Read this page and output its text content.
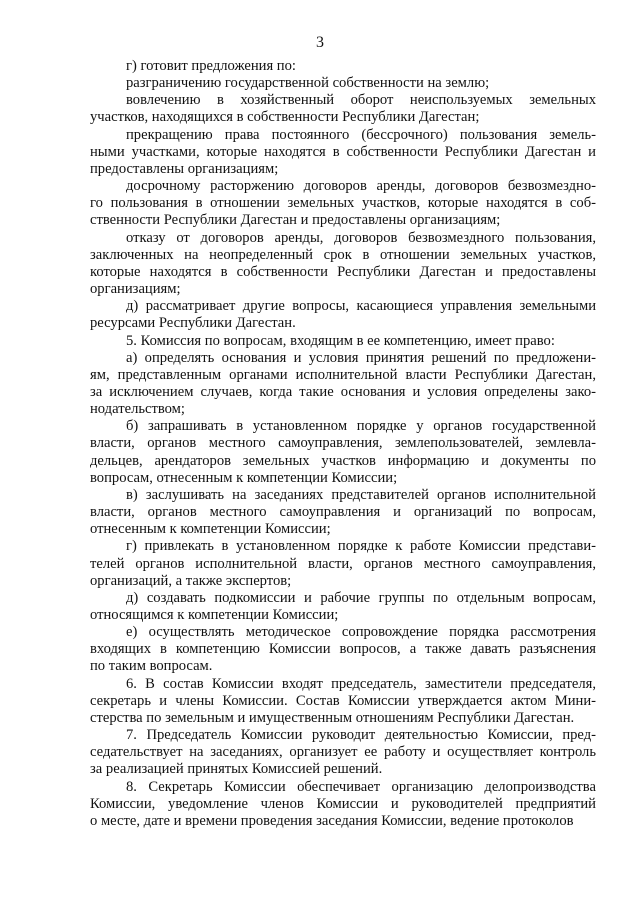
3
г) готовит предложения по:
разграничению государственной собственности на землю;
вовлечению в хозяйственный оборот неиспользуемых земельных
участков, находящихся в собственности Республики Дагестан;
прекращению права постоянного (бессрочного) пользования земель-
ными участками, которые находятся в собственности Республики Дагестан и
предоставлены организациям;
досрочному расторжению договоров аренды, договоров безвозмездно-
го пользования в отношении земельных участков, которые находятся в соб-
ственности Республики Дагестан и предоставлены организациям;
отказу от договоров аренды, договоров безвозмездного пользования,
заключенных на неопределенный срок в отношении земельных участков,
которые находятся в собственности Республики Дагестан и предоставлены
организациям;
д) рассматривает другие вопросы, касающиеся управления земельными
ресурсами Республики Дагестан.
5. Комиссия по вопросам, входящим в ее компетенцию, имеет право:
а) определять основания и условия принятия решений по предложени-
ям, представленным органами исполнительной власти Республики Дагестан,
за исключением случаев, когда такие основания и условия определены зако-
нодательством;
б) запрашивать в установленном порядке у органов государственной
власти, органов местного самоуправления, землепользователей, землевла-
дельцев, арендаторов земельных участков информацию и документы по
вопросам, отнесенным к компетенции Комиссии;
в) заслушивать на заседаниях представителей органов исполнительной
власти, органов местного самоуправления и организаций по вопросам,
отнесенным к компетенции Комиссии;
г) привлекать в установленном порядке к работе Комиссии представи-
телей органов исполнительной власти, органов местного самоуправления,
организаций, а также экспертов;
д) создавать подкомиссии и рабочие группы по отдельным вопросам,
относящимся к компетенции Комиссии;
е) осуществлять методическое сопровождение порядка рассмотрения
входящих в компетенцию Комиссии вопросов, а также давать разъяснения
по таким вопросам.
6. В состав Комиссии входят председатель, заместители председателя,
секретарь и члены Комиссии. Состав Комиссии утверждается актом Мини-
стерства по земельным и имущественным отношениям Республики Дагестан.
7. Председатель Комиссии руководит деятельностью Комиссии, пред-
седательствует на заседаниях, организует ее работу и осуществляет контроль
за реализацией принятых Комиссией решений.
8. Секретарь Комиссии обеспечивает организацию делопроизводства
Комиссии, уведомление членов Комиссии и руководителей предприятий
о месте, дате и времени проведения заседания Комиссии, ведение протоколов
